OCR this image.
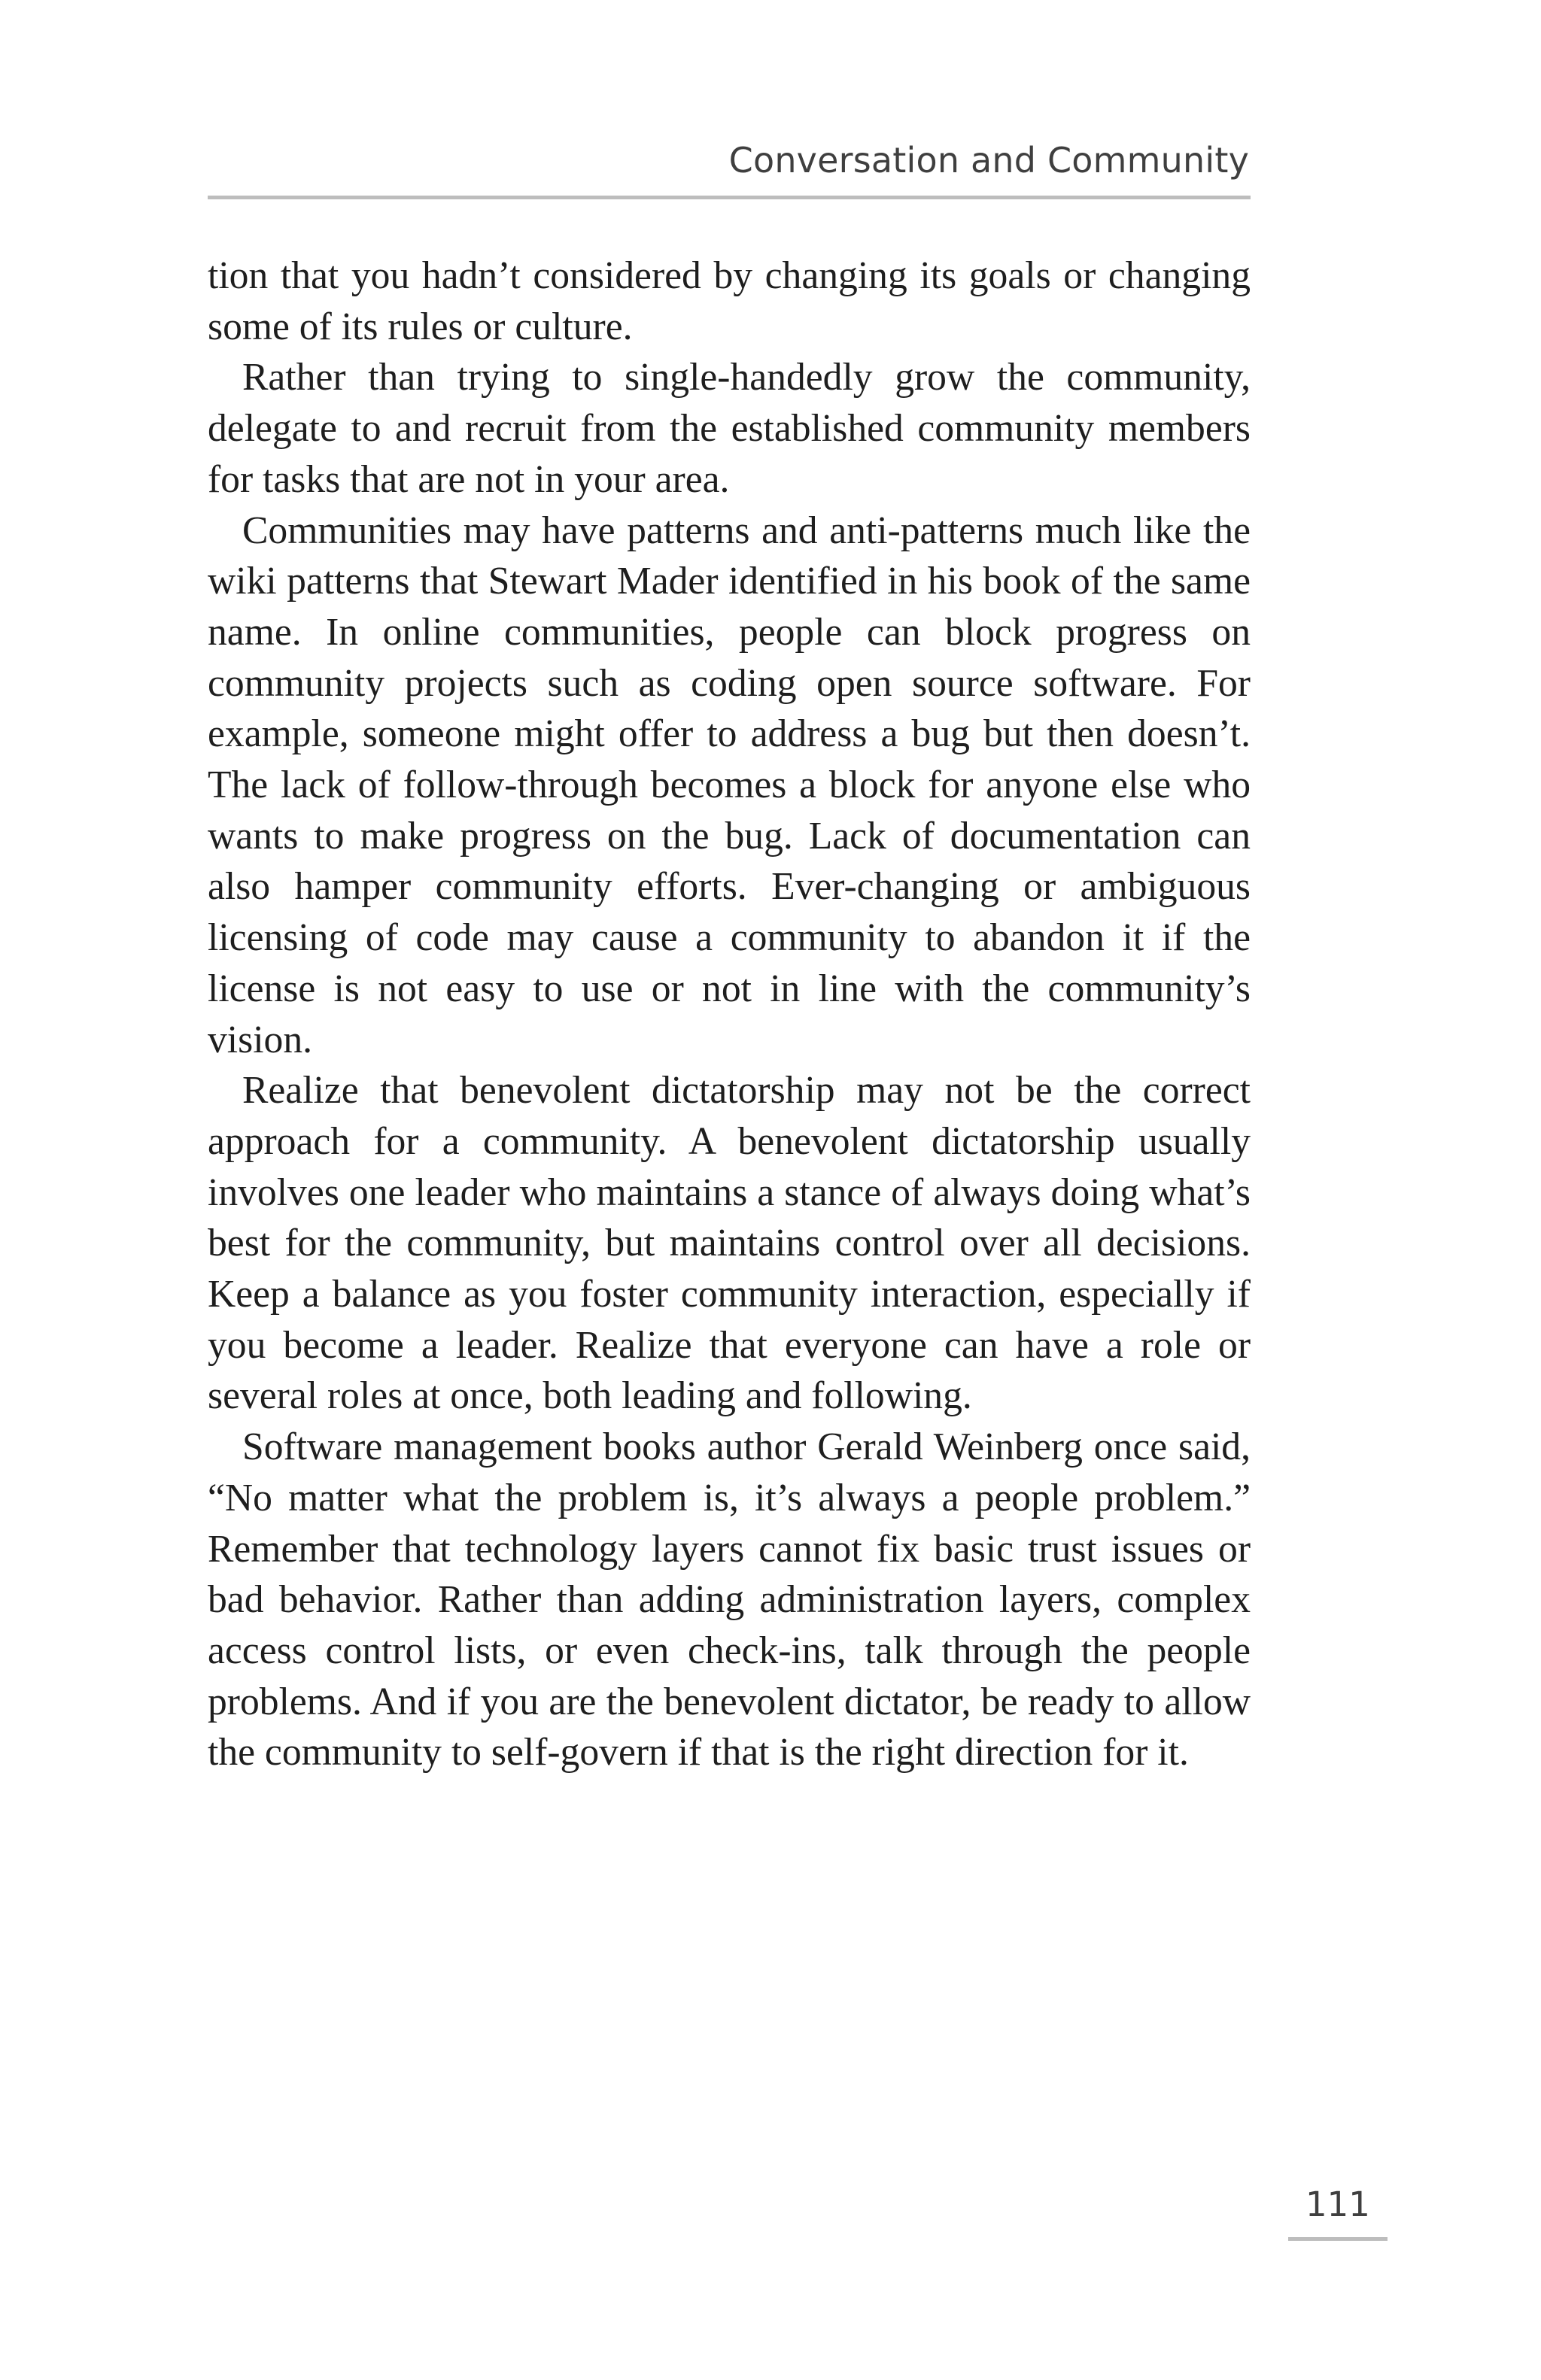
Conversation and Community

tion that you hadn’t considered by changing its goals or changing some of its rules or culture.

Rather than trying to single-handedly grow the community, delegate to and recruit from the established community members for tasks that are not in your area.

Communities may have patterns and anti-patterns much like the wiki patterns that Stewart Mader identified in his book of the same name. In online communities, people can block progress on community projects such as coding open source software. For example, someone might offer to address a bug but then doesn’t. The lack of follow-through becomes a block for anyone else who wants to make progress on the bug. Lack of documentation can also hamper community efforts. Ever-changing or ambiguous licensing of code may cause a community to abandon it if the license is not easy to use or not in line with the community’s vision.

Realize that benevolent dictatorship may not be the correct approach for a community. A benevolent dictatorship usually involves one leader who maintains a stance of always doing what’s best for the community, but maintains control over all decisions. Keep a balance as you foster community interaction, especially if you become a leader. Realize that everyone can have a role or several roles at once, both leading and following.

Software management books author Gerald Weinberg once said, “No matter what the problem is, it’s always a people problem.” Remember that technology layers cannot fix basic trust issues or bad behavior. Rather than adding administration layers, complex access control lists, or even check-ins, talk through the people problems. And if you are the benevolent dictator, be ready to allow the community to self-govern if that is the right direction for it.

111
